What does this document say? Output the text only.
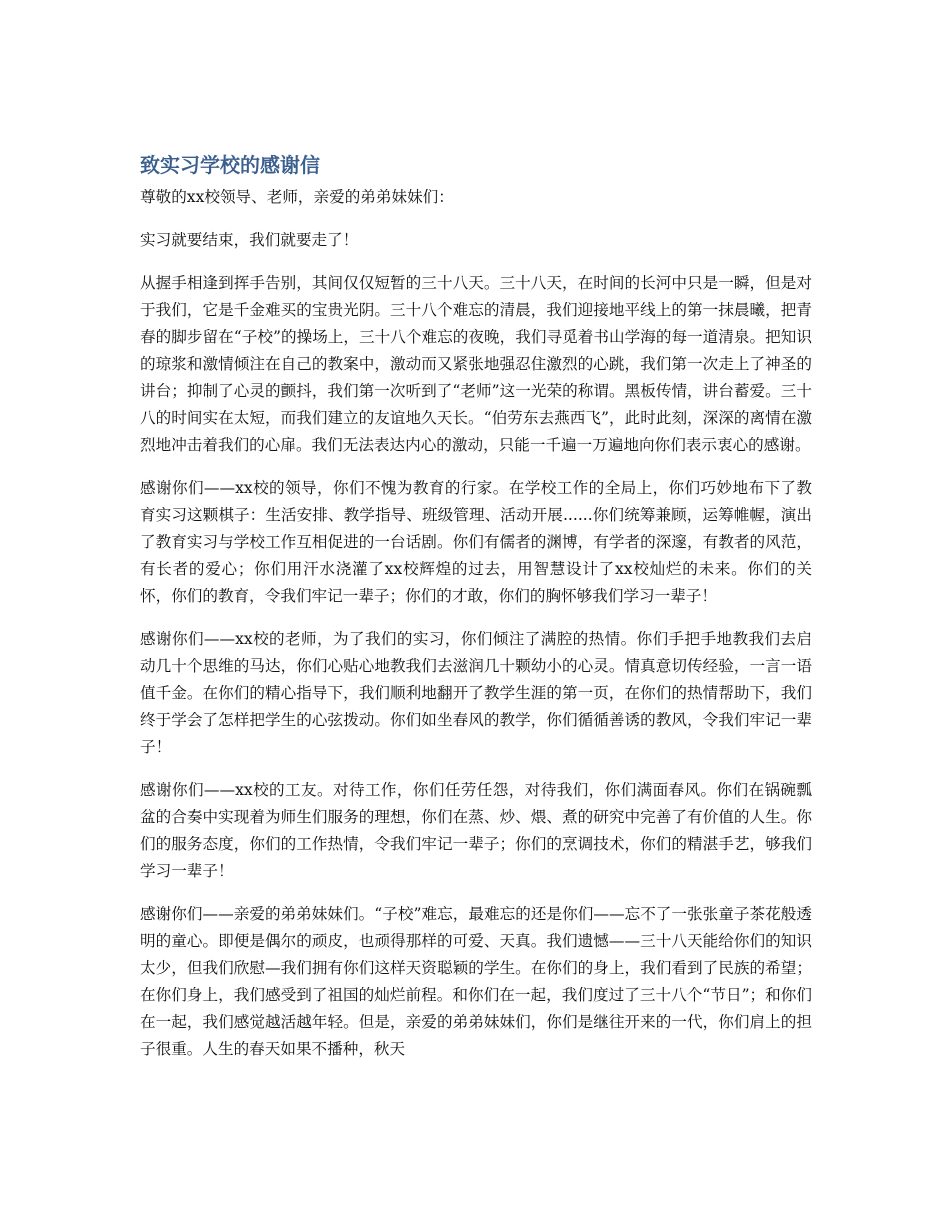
致实习学校的感谢信

尊敬的xx校领导、老师，亲爱的弟弟妹妹们：

实习就要结束，我们就要走了！

从握手相逢到挥手告别，其间仅仅短暂的三十八天。三十八天，在时间的长河中只是一瞬，但是对于我们，它是千金难买的宝贵光阴。三十八个难忘的清晨，我们迎接地平线上的第一抹晨曦，把青春的脚步留在“子校”的操场上，三十八个难忘的夜晚，我们寻觅着书山学海的每一道清泉。把知识的琼浆和激情倾注在自己的教案中，激动而又紧张地强忍住激烈的心跳，我们第一次走上了神圣的讲台；抑制了心灵的颤抖，我们第一次听到了“老师”这一光荣的称谓。黑板传情，讲台蓄爱。三十八的时间实在太短，而我们建立的友谊地久天长。“伯劳东去燕西飞”，此时此刻，深深的离情在激烈地冲击着我们的心扉。我们无法表达内心的激动，只能一千遍一万遍地向你们表示衷心的感谢。

感谢你们——xx校的领导，你们不愧为教育的行家。在学校工作的全局上，你们巧妙地布下了教育实习这颗棋子：生活安排、教学指导、班级管理、活动开展......你们统筹兼顾，运筹帷幄，演出了教育实习与学校工作互相促进的一台话剧。你们有儒者的渊博，有学者的深邃，有教者的风范，有长者的爱心；你们用汗水浇灌了xx校辉煌的过去，用智慧设计了xx校灿烂的未来。你们的关怀，你们的教育，令我们牢记一辈子；你们的才敢，你们的胸怀够我们学习一辈子！

感谢你们——xx校的老师，为了我们的实习，你们倾注了满腔的热情。你们手把手地教我们去启动几十个思维的马达，你们心贴心地教我们去滋润几十颗幼小的心灵。情真意切传经验，一言一语值千金。在你们的精心指导下，我们顺利地翻开了教学生涯的第一页，在你们的热情帮助下，我们终于学会了怎样把学生的心弦拨动。你们如坐春风的教学，你们循循善诱的教风，令我们牢记一辈子！

感谢你们——xx校的工友。对待工作，你们任劳任怨，对待我们，你们满面春风。你们在锅碗瓢盆的合奏中实现着为师生们服务的理想，你们在蒸、炒、煨、煮的研究中完善了有价值的人生。你们的服务态度，你们的工作热情，令我们牢记一辈子；你们的烹调技术，你们的精湛手艺，够我们学习一辈子！

感谢你们——亲爱的弟弟妹妹们。“子校”难忘，最难忘的还是你们——忘不了一张张童子茶花般透明的童心。即便是偶尔的顽皮，也顽得那样的可爱、天真。我们遗憾——三十八天能给你们的知识太少，但我们欣慰—我们拥有你们这样天资聪颖的学生。在你们的身上，我们看到了民族的希望；在你们身上，我们感受到了祖国的灿烂前程。和你们在一起，我们度过了三十八个“节日”；和你们在一起，我们感觉越活越年轻。但是，亲爱的弟弟妹妹们，你们是继往开来的一代，你们肩上的担子很重。人生的春天如果不播种，秋天
